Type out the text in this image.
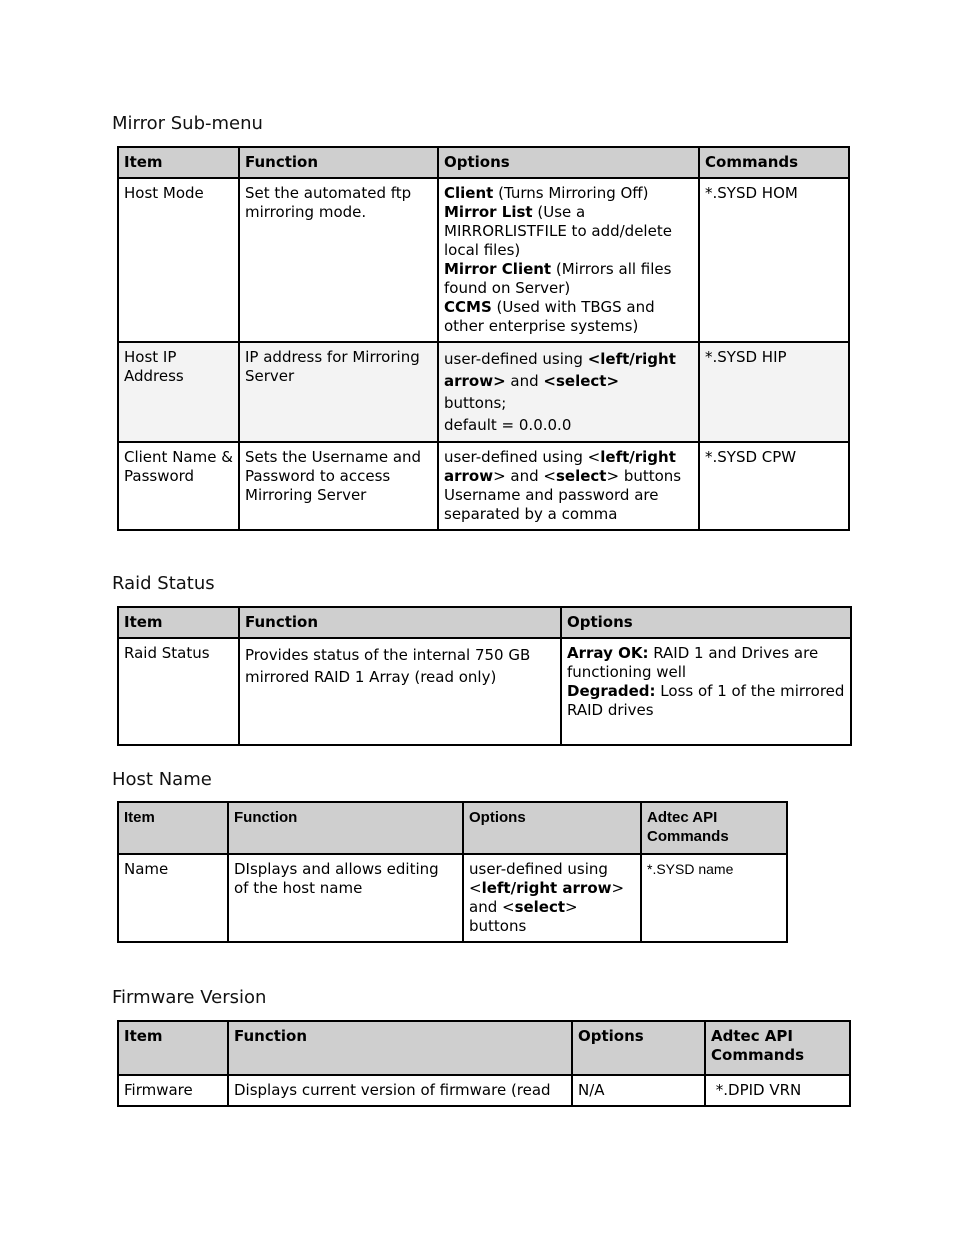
Mirror Sub-menu
Item	Function	Options	Commands
Host Mode	Set the automated ftp mirroring mode.	Client (Turns Mirroring Off)
Mirror List (Use a MIRRORLISTFILE to add/delete local files)
Mirror Client (Mirrors all files found on Server)
CCMS (Used with TBGS and other enterprise systems)	*.SYSD HOM
Host IP Address	IP address for Mirroring Server	user-defined using <left/right arrow> and <select>
buttons;
default = 0.0.0.0	*.SYSD HIP
Client Name & Password	Sets the Username and Password to access Mirroring Server	user-defined using <left/right arrow> and <select> buttons
Username and password are separated by a comma	*.SYSD CPW
Raid Status
Item	Function	Options
Raid Status	Provides status of the internal 750 GB mirrored RAID 1 Array (read only)	Array OK: RAID 1 and Drives are functioning well
Degraded: Loss of 1 of the mirrored RAID drives
Host Name
Item	Function	Options	Adtec API Commands
Name	DIsplays and allows editing of the host name	user-defined using <left/right arrow> and <select> buttons	*.SYSD name
Firmware Version
Item	Function	Options	Adtec API Commands
Firmware	Displays current version of firmware (read	N/A	*.DPID VRN
